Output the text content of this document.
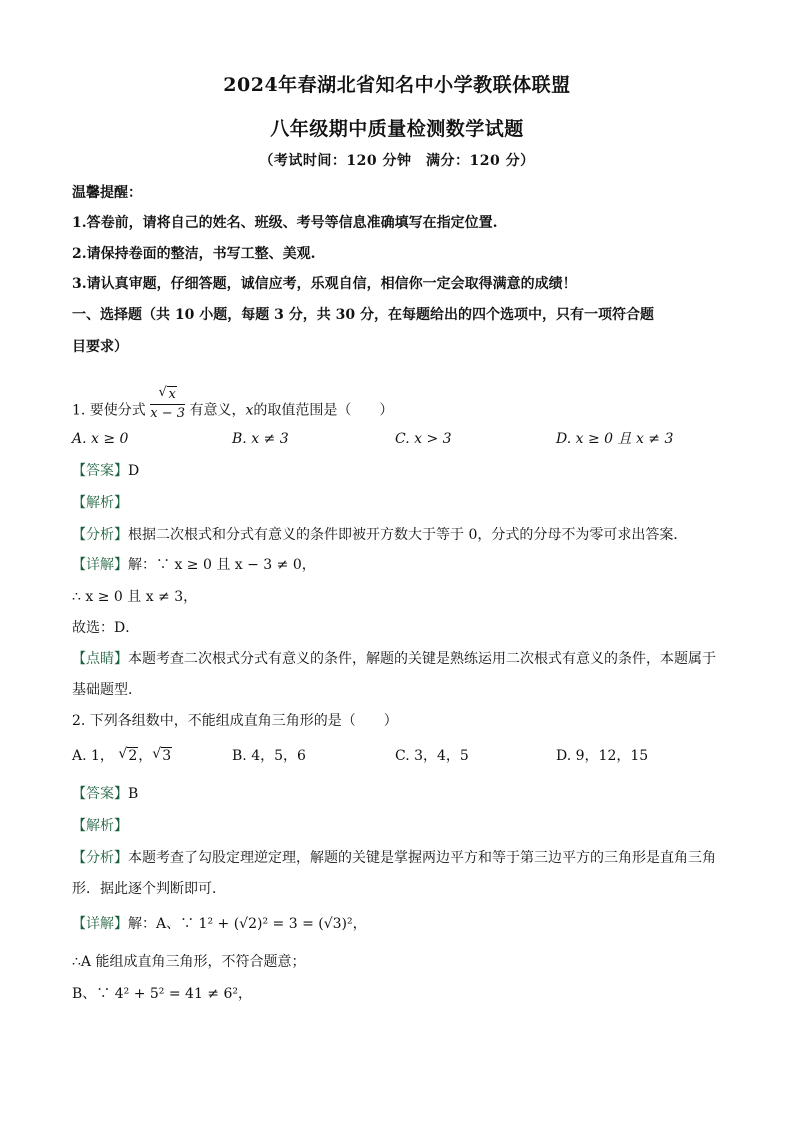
2024年春湖北省知名中小学教联体联盟
八年级期中质量检测数学试题
（考试时间：120 分钟　满分：120 分）
温馨提醒：
1.答卷前，请将自己的姓名、班级、考号等信息准确填写在指定位置.
2.请保持卷面的整洁，书写工整、美观.
3.请认真审题，仔细答题，诚信应考，乐观自信，相信你一定会取得满意的成绩！
一、选择题（共 10 小题，每题 3 分，共 30 分，在每题给出的四个选项中，只有一项符合题
目要求）
1. 要使分式 √ $\frac{x}{x - 3}$ 有意义，x的取值范围是（　　）
A. x ≥ 0	B. x ≠ 3	C. x > 3	D. x ≥ 0 且 x ≠ 3
【答案】D
【解析】
【分析】根据二次根式和分式有意义的条件即被开方数大于等于 0，分式的分母不为零可求出答案．
【详解】解：∵ x ≥ 0 且 x − 3 ≠ 0，
∴ x ≥ 0 且 x ≠ 3，
故选：D．
【点睛】本题考查二次根式分式有意义的条件，解题的关键是熟练运用二次根式有意义的条件，本题属于
基础题型．
2. 下列各组数中，不能组成直角三角形的是（　　）
A. 1， √ 2， √ 3	B. 4，5，6	C. 3，4，5	D. 9，12，15
【答案】B
【解析】
【分析】本题考查了勾股定理逆定理，解题的关键是掌握两边平方和等于第三边平方的三角形是直角三角
形．据此逐个判断即可．
【详解】解：A、∵ 1² + (√2)² = 3 = (√3)²，
∴A 能组成直角三角形，不符合题意；
B、∵ 4² + 5² = 41 ≠ 6²，
